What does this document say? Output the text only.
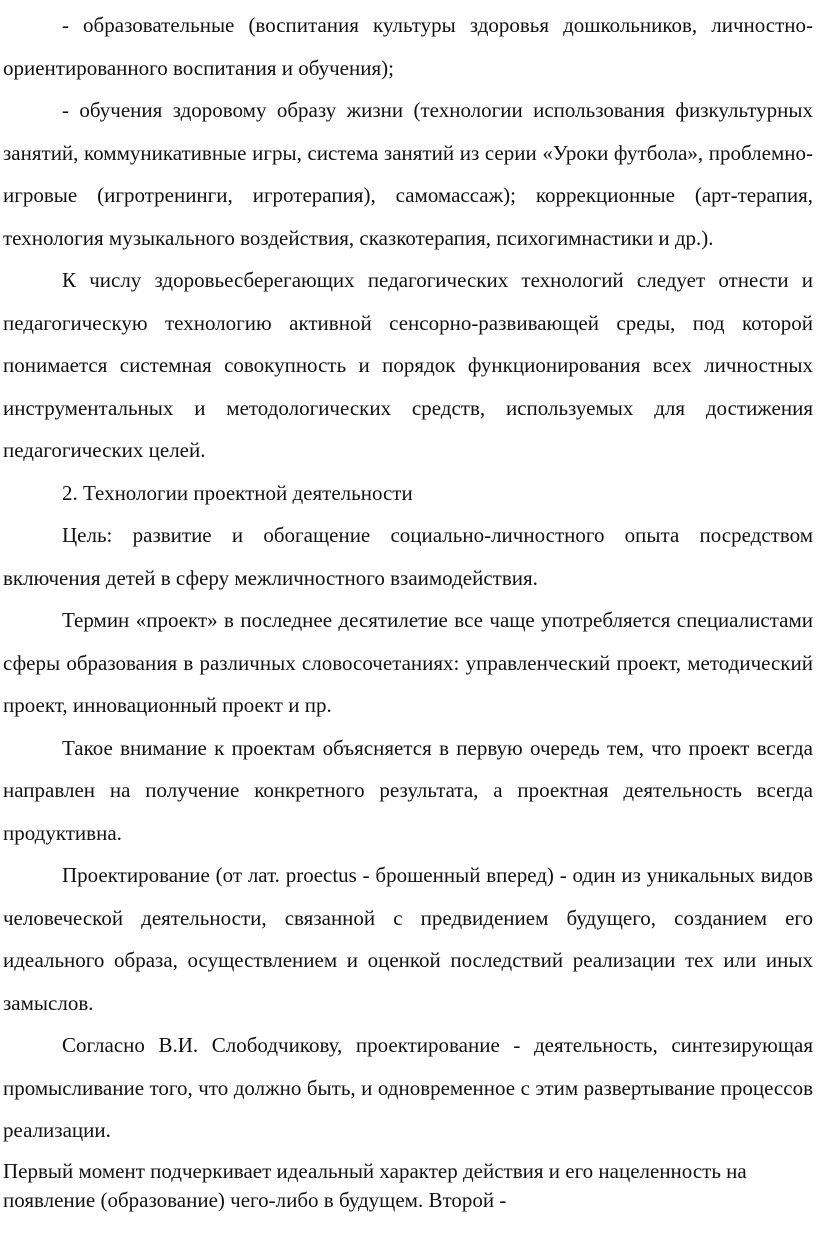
- образовательные (воспитания культуры здоровья дошкольников, личностно-ориентированного воспитания и обучения);

- обучения здоровому образу жизни (технологии использования физкультурных занятий, коммуникативные игры, система занятий из серии «Уроки футбола», проблемно-игровые (игротренинги, игротерапия), самомассаж); коррекционные (арт-терапия, технология музыкального воздействия, сказкотерапия, психогимнастики и др.).

К числу здоровьесберегающих педагогических технологий следует отнести и педагогическую технологию активной сенсорно-развивающей среды, под которой понимается системная совокупность и порядок функционирования всех личностных инструментальных и методологических средств, используемых для достижения педагогических целей.

2. Технологии проектной деятельности

Цель: развитие и обогащение социально-личностного опыта посредством включения детей в сферу межличностного взаимодействия.

Термин «проект» в последнее десятилетие все чаще употребляется специалистами сферы образования в различных словосочетаниях: управленческий проект, методический проект, инновационный проект и пр.

Такое внимание к проектам объясняется в первую очередь тем, что проект всегда направлен на получение конкретного результата, а проектная деятельность всегда продуктивна.

Проектирование (от лат. proectus - брошенный вперед) - один из уникальных видов человеческой деятельности, связанной с предвидением будущего, созданием его идеального образа, осуществлением и оценкой последствий реализации тех или иных замыслов.

Согласно В.И. Слободчикову, проектирование - деятельность, синтезирующая промысливание того, что должно быть, и одновременное с этим развертывание процессов реализации.

Первый момент подчеркивает идеальный характер действия и его нацеленность на появление (образование) чего-либо в будущем. Второй -
